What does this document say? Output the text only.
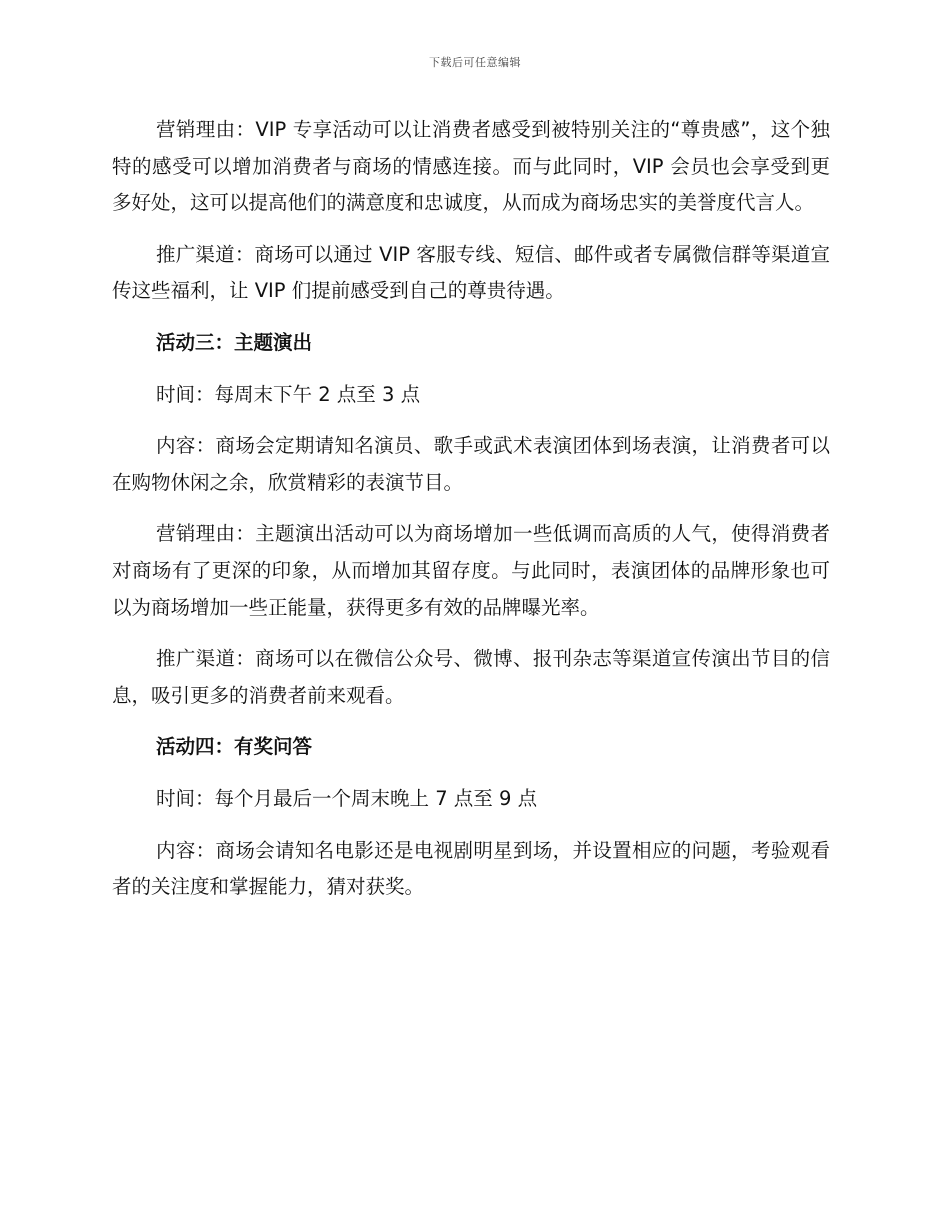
下载后可任意编辑

营销理由：VIP 专享活动可以让消费者感受到被特别关注的“尊贵感”，这个独特的感受可以增加消费者与商场的情感连接。而与此同时，VIP 会员也会享受到更多好处，这可以提高他们的满意度和忠诚度，从而成为商场忠实的美誉度代言人。

推广渠道：商场可以通过 VIP 客服专线、短信、邮件或者专属微信群等渠道宣传这些福利，让 VIP 们提前感受到自己的尊贵待遇。

活动三：主题演出

时间：每周末下午 2 点至 3 点

内容：商场会定期请知名演员、歌手或武术表演团体到场表演，让消费者可以在购物休闲之余，欣赏精彩的表演节目。

营销理由：主题演出活动可以为商场增加一些低调而高质的人气，使得消费者对商场有了更深的印象，从而增加其留存度。与此同时，表演团体的品牌形象也可以为商场增加一些正能量，获得更多有效的品牌曝光率。

推广渠道：商场可以在微信公众号、微博、报刊杂志等渠道宣传演出节目的信息，吸引更多的消费者前来观看。

活动四：有奖问答

时间：每个月最后一个周末晚上 7 点至 9 点

内容：商场会请知名电影还是电视剧明星到场，并设置相应的问题，考验观看者的关注度和掌握能力，猜对获奖。
